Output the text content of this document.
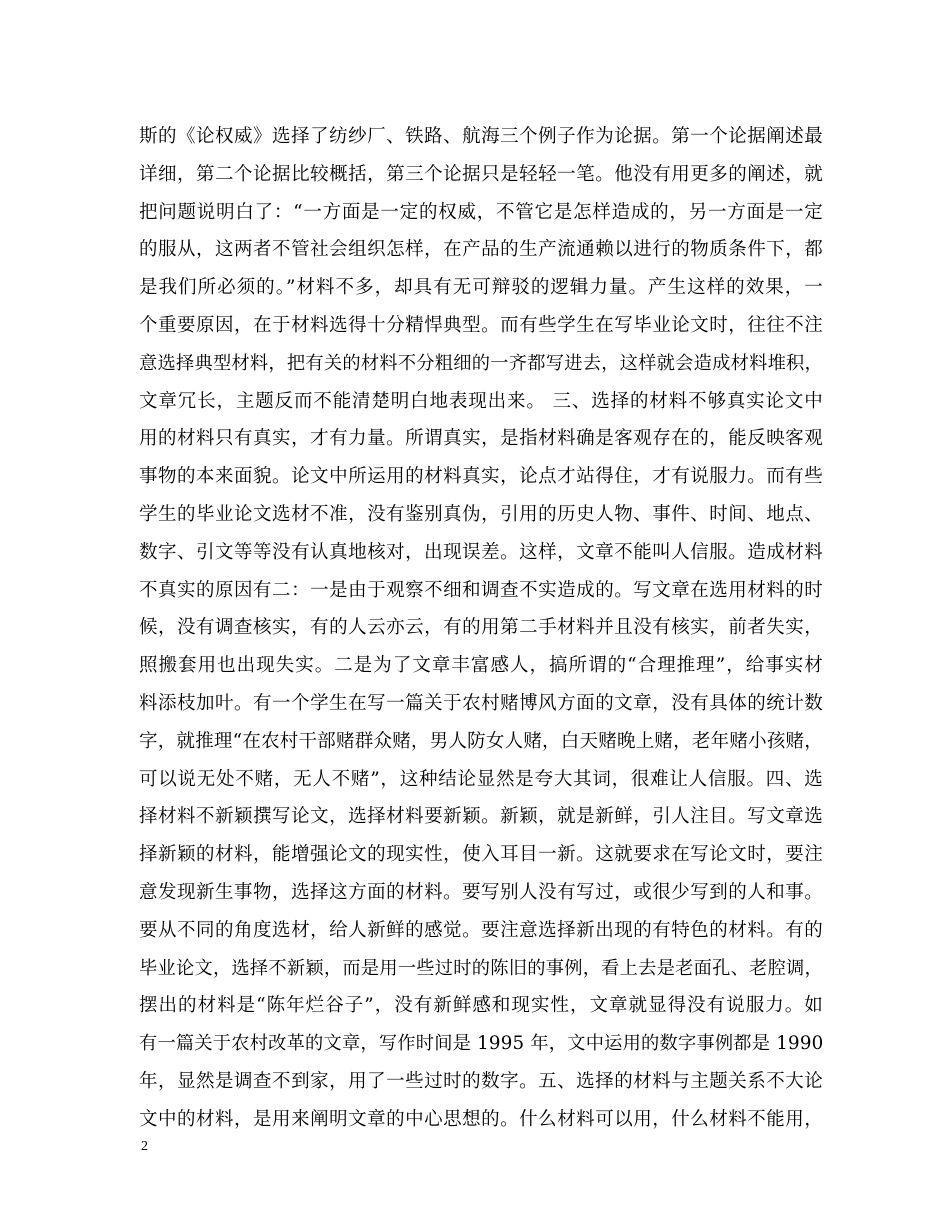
斯的《论权威》选择了纺纱厂、铁路、航海三个例子作为论据。第一个论据阐述最
详细，第二个论据比较概括，第三个论据只是轻轻一笔。他没有用更多的阐述，就
把问题说明白了：“一方面是一定的权威，不管它是怎样造成的，另一方面是一定
的服从，这两者不管社会组织怎样，在产品的生产流通赖以进行的物质条件下，都
是我们所必须的。”材料不多，却具有无可辩驳的逻辑力量。产生这样的效果，一
个重要原因，在于材料选得十分精悍典型。而有些学生在写毕业论文时，往往不注
意选择典型材料，把有关的材料不分粗细的一齐都写进去，这样就会造成材料堆积，
文章冗长，主题反而不能清楚明白地表现出来。 三、选择的材料不够真实论文中
用的材料只有真实，才有力量。所谓真实，是指材料确是客观存在的，能反映客观
事物的本来面貌。论文中所运用的材料真实，论点才站得住，才有说服力。而有些
学生的毕业论文选材不准，没有鉴别真伪，引用的历史人物、事件、时间、地点、
数字、引文等等没有认真地核对，出现误差。这样，文章不能叫人信服。造成材料
不真实的原因有二：一是由于观察不细和调查不实造成的。写文章在选用材料的时
候，没有调查核实，有的人云亦云，有的用第二手材料并且没有核实，前者失实，
照搬套用也出现失实。二是为了文章丰富感人，搞所谓的“合理推理”，给事实材
料添枝加叶。有一个学生在写一篇关于农村赌博风方面的文章，没有具体的统计数
字，就推理“在农村干部赌群众赌，男人防女人赌，白天赌晚上赌，老年赌小孩赌，
可以说无处不赌，无人不赌”，这种结论显然是夸大其词，很难让人信服。四、选
择材料不新颖撰写论文，选择材料要新颖。新颖，就是新鲜，引人注目。写文章选
择新颖的材料，能增强论文的现实性，使入耳目一新。这就要求在写论文时，要注
意发现新生事物，选择这方面的材料。要写别人没有写过，或很少写到的人和事。
要从不同的角度选材，给人新鲜的感觉。要注意选择新出现的有特色的材料。有的
毕业论文，选择不新颖，而是用一些过时的陈旧的事例，看上去是老面孔、老腔调，
摆出的材料是“陈年烂谷子”，没有新鲜感和现实性，文章就显得没有说服力。如
有一篇关于农村改革的文章，写作时间是 1995 年，文中运用的数字事例都是 1990
年，显然是调查不到家，用了一些过时的数字。五、选择的材料与主题关系不大论
文中的材料，是用来阐明文章的中心思想的。什么材料可以用，什么材料不能用，
2
